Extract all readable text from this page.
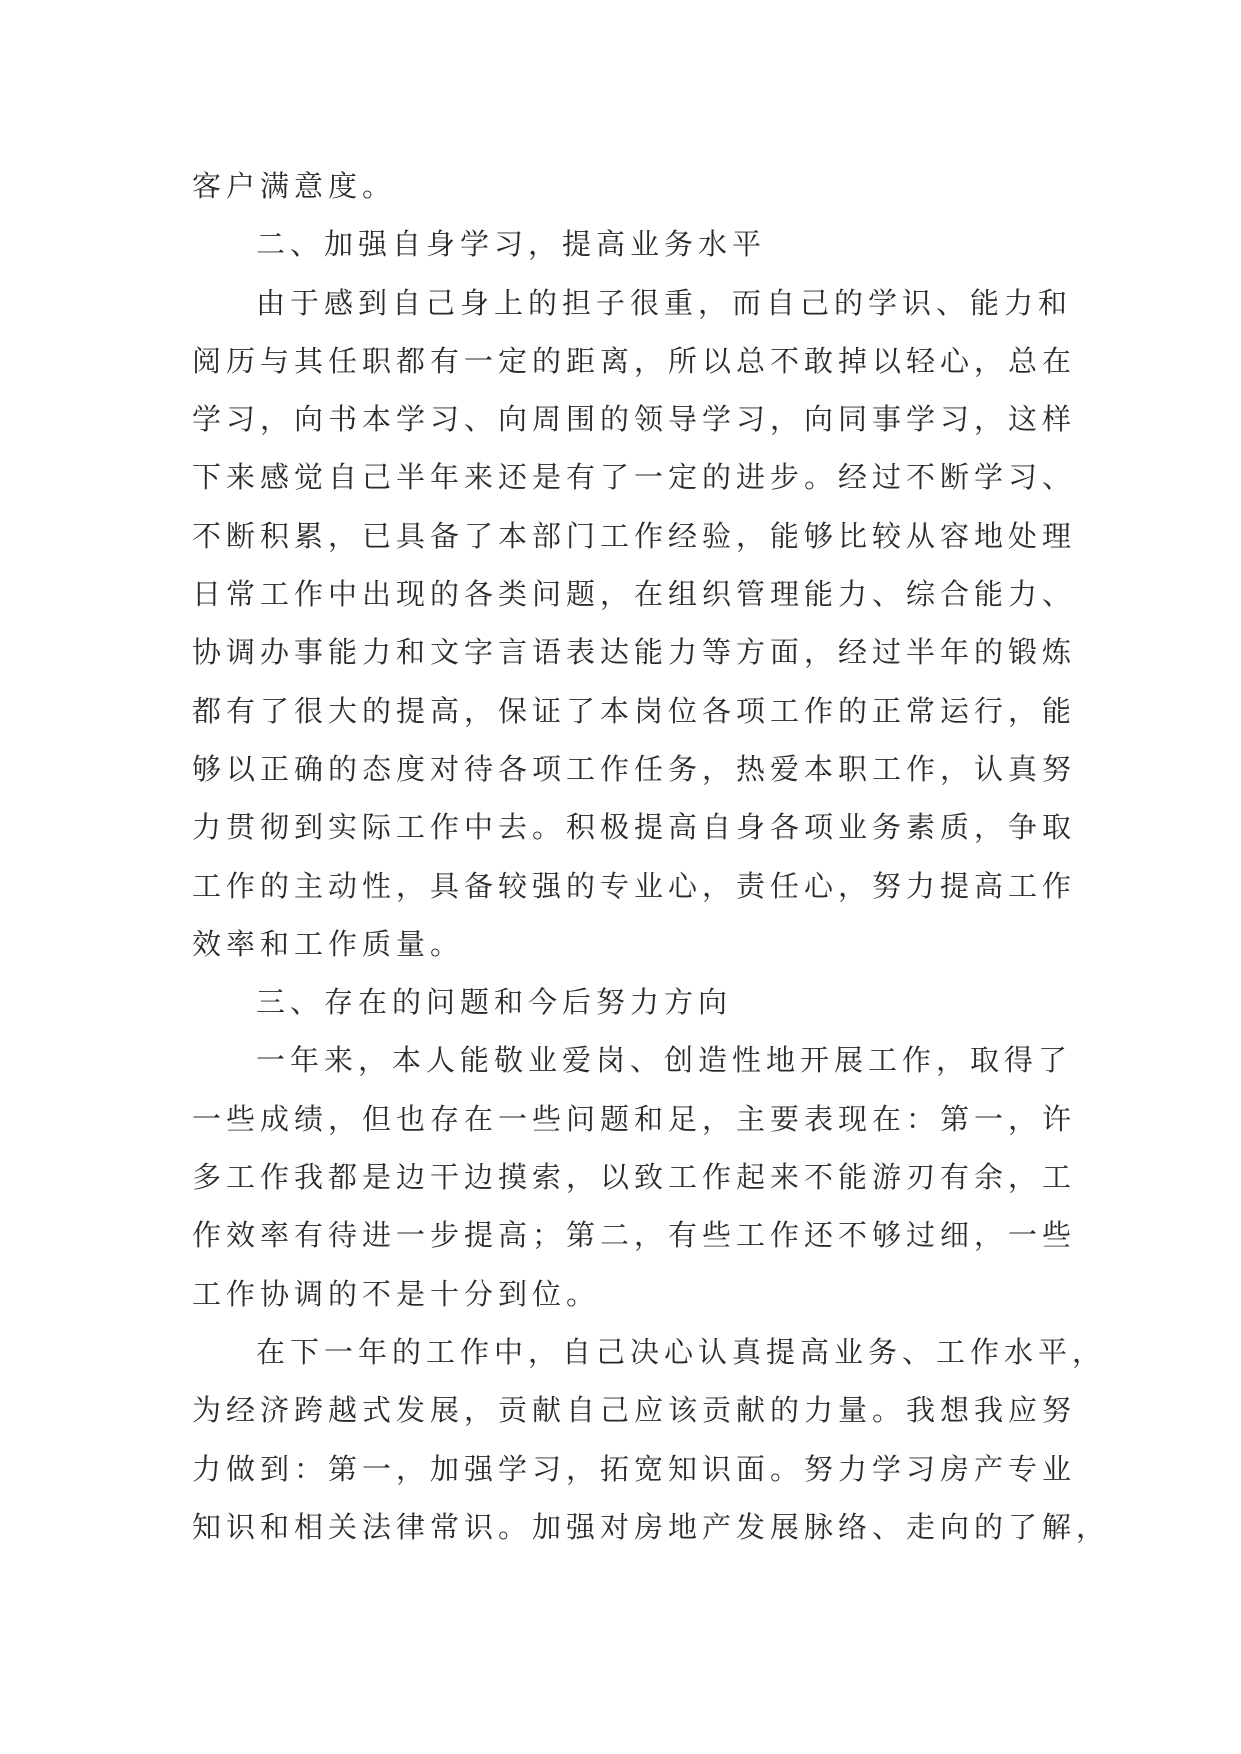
客户满意度。
二、加强自身学习，提高业务水平
由于感到自己身上的担子很重，而自己的学识、能力和
阅历与其任职都有一定的距离，所以总不敢掉以轻心，总在
学习，向书本学习、向周围的领导学习，向同事学习，这样
下来感觉自己半年来还是有了一定的进步。经过不断学习、
不断积累，已具备了本部门工作经验，能够比较从容地处理
日常工作中出现的各类问题，在组织管理能力、综合能力、
协调办事能力和文字言语表达能力等方面，经过半年的锻炼
都有了很大的提高，保证了本岗位各项工作的正常运行，能
够以正确的态度对待各项工作任务，热爱本职工作，认真努
力贯彻到实际工作中去。积极提高自身各项业务素质，争取
工作的主动性，具备较强的专业心，责任心，努力提高工作
效率和工作质量。
三、存在的问题和今后努力方向
一年来，本人能敬业爱岗、创造性地开展工作，取得了
一些成绩，但也存在一些问题和足，主要表现在：第一，许
多工作我都是边干边摸索，以致工作起来不能游刃有余，工
作效率有待进一步提高；第二，有些工作还不够过细，一些
工作协调的不是十分到位。
在下一年的工作中，自己决心认真提高业务、工作水平，
为经济跨越式发展，贡献自己应该贡献的力量。我想我应努
力做到：第一，加强学习，拓宽知识面。努力学习房产专业
知识和相关法律常识。加强对房地产发展脉络、走向的了解，
